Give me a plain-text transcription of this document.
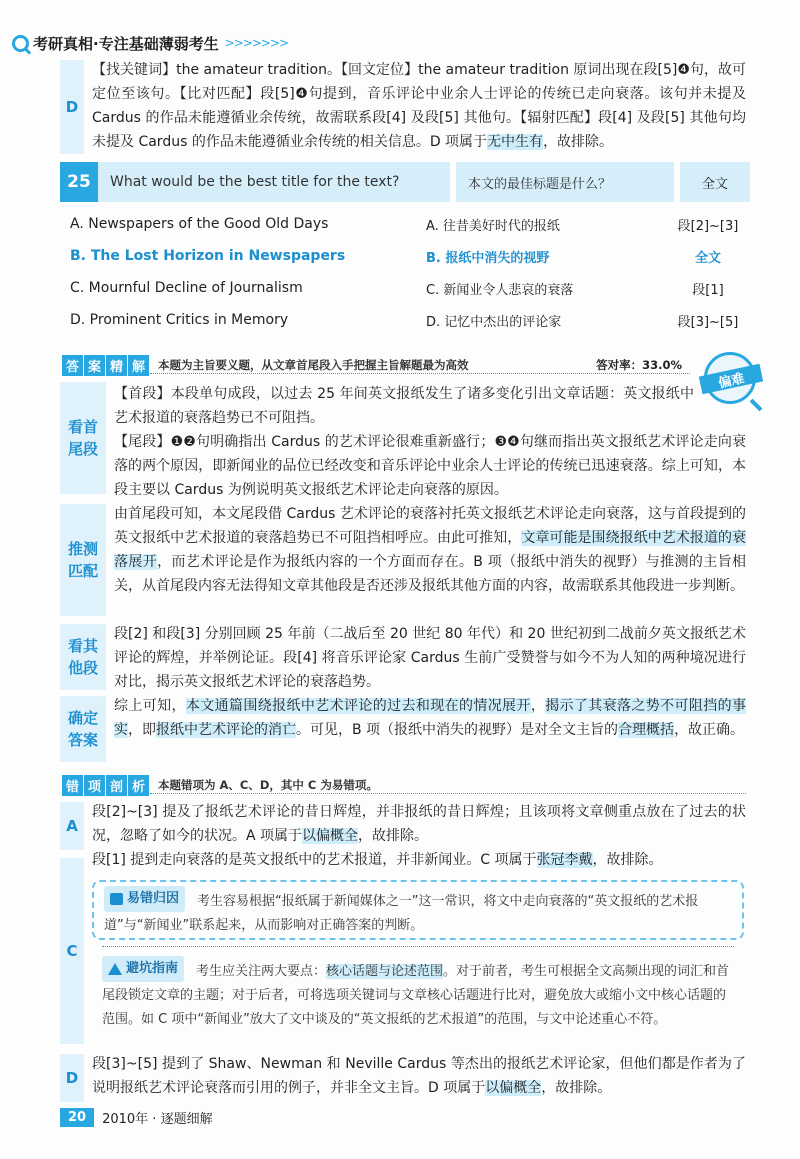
考研真相·专注基础薄弱考生 >>>>>>>
D
【找关键词】the amateur tradition。【回文定位】the amateur tradition 原词出现在段[5]❹句，故可定位至该句。【比对匹配】段[5]❹句提到，音乐评论中业余人士评论的传统已走向衰落。该句并未提及 Cardus 的作品未能遵循业余传统，故需联系段[4] 及段[5] 其他句。【辐射匹配】段[4] 及段[5] 其他句均未提及 Cardus 的作品未能遵循业余传统的相关信息。D 项属于无中生有，故排除。
25	What would be the best title for the text?	本文的最佳标题是什么？	全文
A. Newspapers of the Good Old Days	A. 往昔美好时代的报纸	段[2]~[3]
B. The Lost Horizon in Newspapers	B. 报纸中消失的视野	全文
C. Mournful Decline of Journalism	C. 新闻业令人悲哀的衰落	段[1]
D. Prominent Critics in Memory	D. 记忆中杰出的评论家	段[3]~[5]
答 案 精 解	本题为主旨要义题，从文章首尾段入手把握主旨解题最为高效	答对率：33.0%
偏难
看首
尾段
【首段】本段单句成段，以过去 25 年间英文报纸发生了诸多变化引出文章话题：英文报纸中艺术报道的衰落趋势已不可阻挡。
【尾段】❶❷句明确指出 Cardus 的艺术评论很难重新盛行；❸❹句继而指出英文报纸艺术评论走向衰落的两个原因，即新闻业的品位已经改变和音乐评论中业余人士评论的传统已迅速衰落。综上可知，本段主要以 Cardus 为例说明英文报纸艺术评论走向衰落的原因。
推测
匹配
由首尾段可知，本文尾段借 Cardus 艺术评论的衰落衬托英文报纸艺术评论走向衰落，这与首段提到的英文报纸中艺术报道的衰落趋势已不可阻挡相呼应。由此可推知，文章可能是围绕报纸中艺术报道的衰落展开，而艺术评论是作为报纸内容的一个方面而存在。B 项（报纸中消失的视野）与推测的主旨相关，从首尾段内容无法得知文章其他段是否还涉及报纸其他方面的内容，故需联系其他段进一步判断。
看其
他段
段[2] 和段[3] 分别回顾 25 年前（二战后至 20 世纪 80 年代）和 20 世纪初到二战前夕英文报纸艺术评论的辉煌，并举例论证。段[4] 将音乐评论家 Cardus 生前广受赞誉与如今不为人知的两种境况进行对比，揭示英文报纸艺术评论的衰落趋势。
确定
答案
综上可知，本文通篇围绕报纸中艺术评论的过去和现在的情况展开，揭示了其衰落之势不可阻挡的事实，即报纸中艺术评论的消亡。可见，B 项（报纸中消失的视野）是对全文主旨的合理概括，故正确。
错 项 剖 析	本题错项为 A、C、D，其中 C 为易错项。
A
段[2]~[3] 提及了报纸艺术评论的昔日辉煌，并非报纸的昔日辉煌；且该项将文章侧重点放在了过去的状况，忽略了如今的状况。A 项属于以偏概全，故排除。
C
段[1] 提到走向衰落的是英文报纸中的艺术报道，并非新闻业。C 项属于张冠李戴，故排除。
易错归因 考生容易根据“报纸属于新闻媒体之一”这一常识，将文中走向衰落的“英文报纸的艺术报道”与“新闻业”联系起来，从而影响对正确答案的判断。
避坑指南 考生应关注两大要点：核心话题与论述范围。对于前者，考生可根据全文高频出现的词汇和首尾段锁定文章的主题；对于后者，可将选项关键词与文章核心话题进行比对，避免放大或缩小文中核心话题的范围。如 C 项中“新闻业”放大了文中谈及的“英文报纸的艺术报道”的范围，与文中论述重心不符。
D
段[3]~[5] 提到了 Shaw、Newman 和 Neville Cardus 等杰出的报纸艺术评论家，但他们都是作者为了说明报纸艺术评论衰落而引用的例子，并非全文主旨。D 项属于以偏概全，故排除。
20	2010年 · 逐题细解
